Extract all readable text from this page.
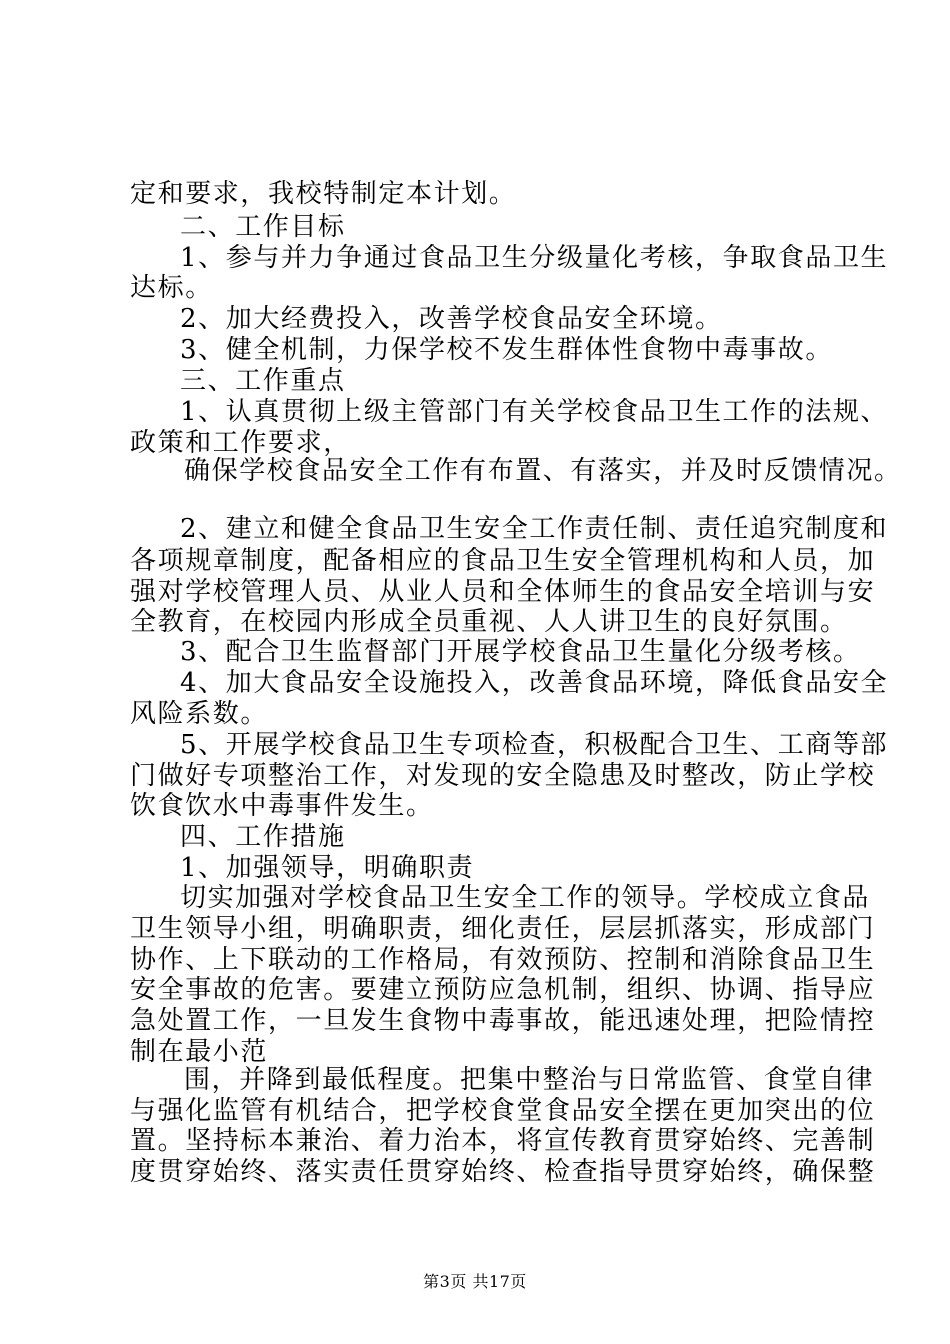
定和要求，我校特制定本计划。
二、工作目标
1、参与并力争通过食品卫生分级量化考核，争取食品卫生
达标。
2、加大经费投入，改善学校食品安全环境。
3、健全机制，力保学校不发生群体性食物中毒事故。
三、工作重点
1、认真贯彻上级主管部门有关学校食品卫生工作的法规、
政策和工作要求，
确保学校食品安全工作有布置、有落实，并及时反馈情况。
2、建立和健全食品卫生安全工作责任制、责任追究制度和
各项规章制度，配备相应的食品卫生安全管理机构和人员，加
强对学校管理人员、从业人员和全体师生的食品安全培训与安
全教育，在校园内形成全员重视、人人讲卫生的良好氛围。
3、配合卫生监督部门开展学校食品卫生量化分级考核。
4、加大食品安全设施投入，改善食品环境，降低食品安全
风险系数。
5、开展学校食品卫生专项检查，积极配合卫生、工商等部
门做好专项整治工作，对发现的安全隐患及时整改，防止学校
饮食饮水中毒事件发生。
四、工作措施
1、加强领导，明确职责
切实加强对学校食品卫生安全工作的领导。学校成立食品
卫生领导小组，明确职责，细化责任，层层抓落实，形成部门
协作、上下联动的工作格局，有效预防、控制和消除食品卫生
安全事故的危害。要建立预防应急机制，组织、协调、指导应
急处置工作，一旦发生食物中毒事故，能迅速处理，把险情控
制在最小范
围，并降到最低程度。把集中整治与日常监管、食堂自律
与强化监管有机结合，把学校食堂食品安全摆在更加突出的位
置。坚持标本兼治、着力治本，将宣传教育贯穿始终、完善制
度贯穿始终、落实责任贯穿始终、检查指导贯穿始终，确保整
第3页 共17页
